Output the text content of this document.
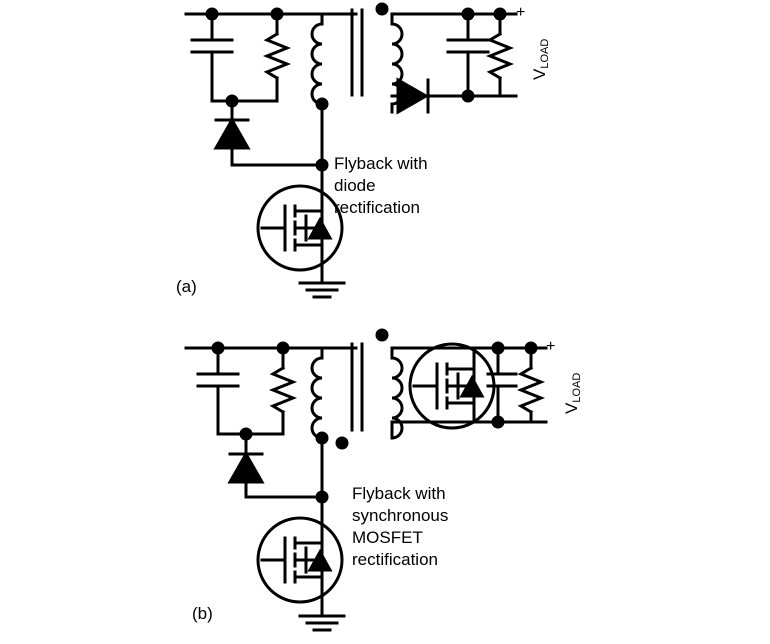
+
VLOAD
Flyback with
diode
rectification
(a)
+
VLOAD
Flyback with
synchronous
MOSFET
rectification
(b)
